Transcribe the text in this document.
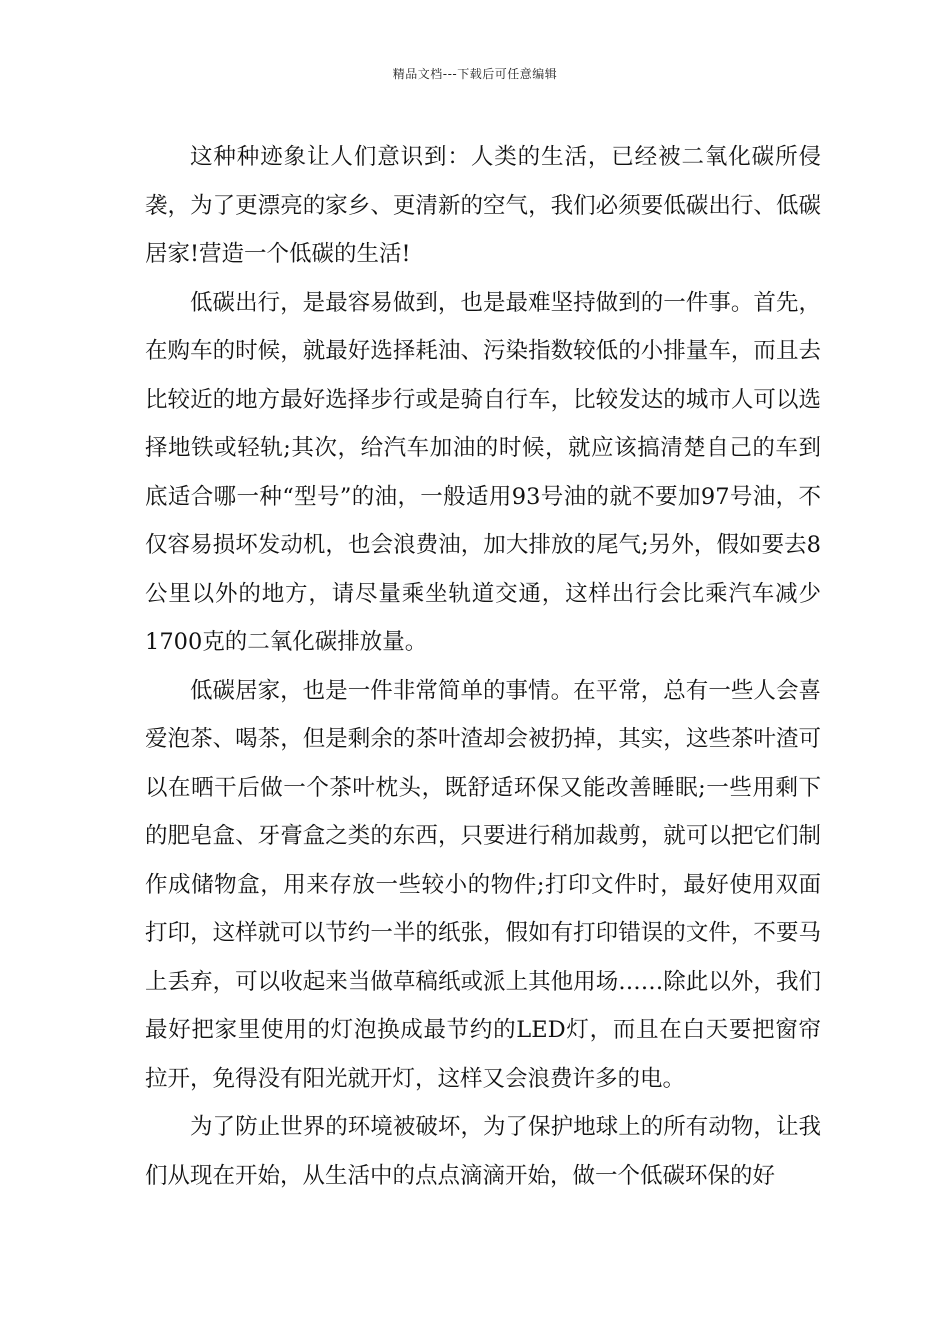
精品文档---下载后可任意编辑

这种种迹象让人们意识到：人类的生活，已经被二氧化碳所侵袭，为了更漂亮的家乡、更清新的空气，我们必须要低碳出行、低碳居家!营造一个低碳的生活!

低碳出行，是最容易做到，也是最难坚持做到的一件事。首先，在购车的时候，就最好选择耗油、污染指数较低的小排量车，而且去比较近的地方最好选择步行或是骑自行车，比较发达的城市人可以选择地铁或轻轨;其次，给汽车加油的时候，就应该搞清楚自己的车到底适合哪一种“型号”的油，一般适用93号油的就不要加97号油，不仅容易损坏发动机，也会浪费油，加大排放的尾气;另外，假如要去8公里以外的地方，请尽量乘坐轨道交通，这样出行会比乘汽车减少1700克的二氧化碳排放量。

低碳居家，也是一件非常简单的事情。在平常，总有一些人会喜爱泡茶、喝茶，但是剩余的茶叶渣却会被扔掉，其实，这些茶叶渣可以在晒干后做一个茶叶枕头，既舒适环保又能改善睡眠;一些用剩下的肥皂盒、牙膏盒之类的东西，只要进行稍加裁剪，就可以把它们制作成储物盒，用来存放一些较小的物件;打印文件时，最好使用双面打印，这样就可以节约一半的纸张，假如有打印错误的文件，不要马上丢弃，可以收起来当做草稿纸或派上其他用场……除此以外，我们最好把家里使用的灯泡换成最节约的LED灯，而且在白天要把窗帘拉开，免得没有阳光就开灯，这样又会浪费许多的电。

为了防止世界的环境被破坏，为了保护地球上的所有动物，让我们从现在开始，从生活中的点点滴滴开始，做一个低碳环保的好
